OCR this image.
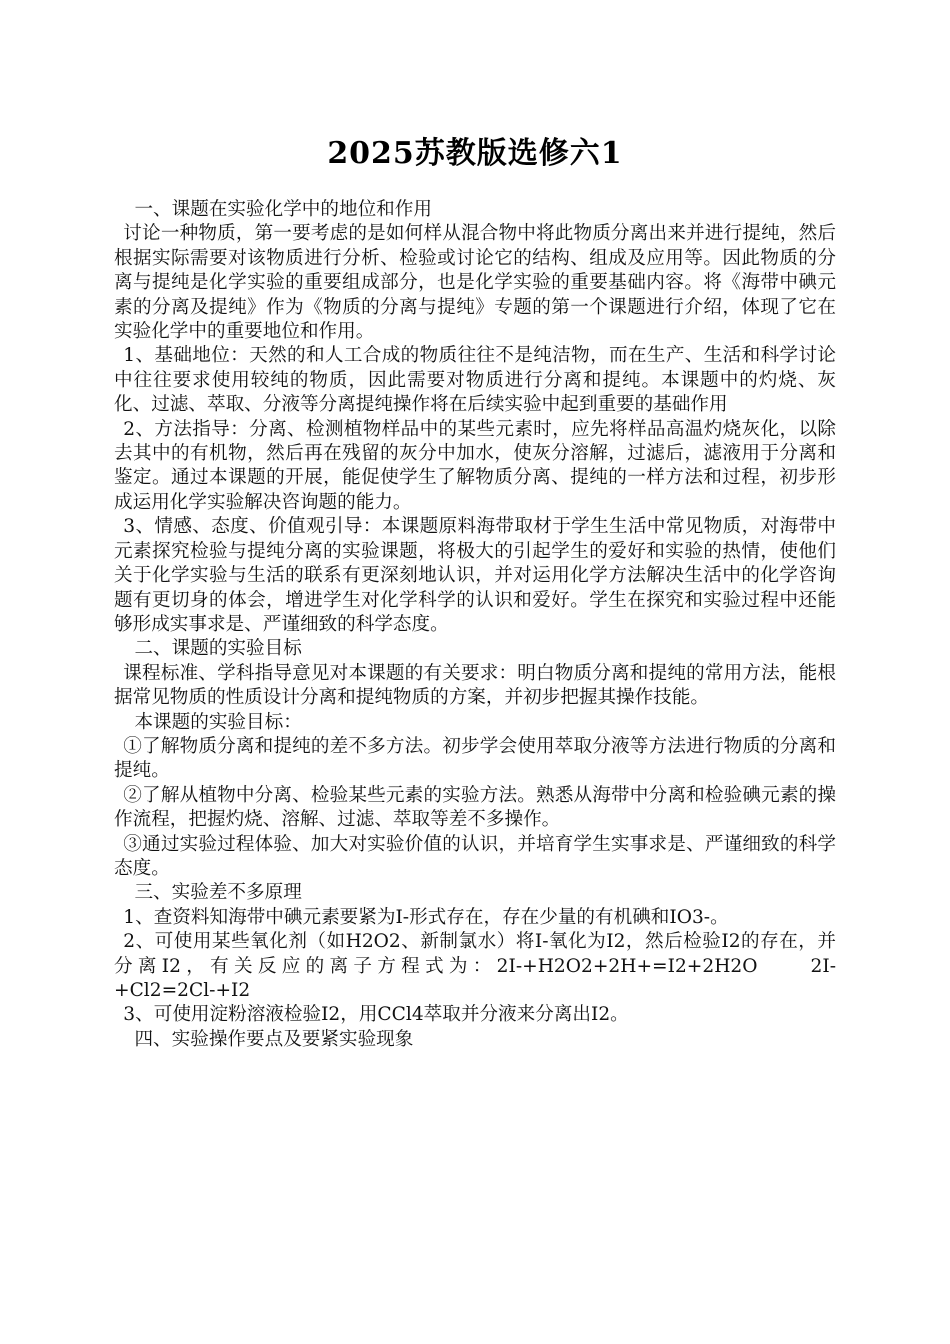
2025苏教版选修六1

一、课题在实验化学中的地位和作用

讨论一种物质，第一要考虑的是如何样从混合物中将此物质分离出来并进行提纯，然后根据实际需要对该物质进行分析、检验或讨论它的结构、组成及应用等。因此物质的分离与提纯是化学实验的重要组成部分，也是化学实验的重要基础内容。将《海带中碘元素的分离及提纯》作为《物质的分离与提纯》专题的第一个课题进行介绍，体现了它在实验化学中的重要地位和作用。

1、基础地位：天然的和人工合成的物质往往不是纯洁物，而在生产、生活和科学讨论中往往要求使用较纯的物质，因此需要对物质进行分离和提纯。本课题中的灼烧、灰化、过滤、萃取、分液等分离提纯操作将在后续实验中起到重要的基础作用

2、方法指导：分离、检测植物样品中的某些元素时，应先将样品高温灼烧灰化，以除去其中的有机物，然后再在残留的灰分中加水，使灰分溶解，过滤后，滤液用于分离和鉴定。通过本课题的开展，能促使学生了解物质分离、提纯的一样方法和过程，初步形成运用化学实验解决咨询题的能力。

3、情感、态度、价值观引导：本课题原料海带取材于学生生活中常见物质，对海带中元素探究检验与提纯分离的实验课题，将极大的引起学生的爱好和实验的热情，使他们关于化学实验与生活的联系有更深刻地认识，并对运用化学方法解决生活中的化学咨询题有更切身的体会，增进学生对化学科学的认识和爱好。学生在探究和实验过程中还能够形成实事求是、严谨细致的科学态度。

二、课题的实验目标

课程标准、学科指导意见对本课题的有关要求：明白物质分离和提纯的常用方法，能根据常见物质的性质设计分离和提纯物质的方案，并初步把握其操作技能。

本课题的实验目标：

①了解物质分离和提纯的差不多方法。初步学会使用萃取分液等方法进行物质的分离和提纯。

②了解从植物中分离、检验某些元素的实验方法。熟悉从海带中分离和检验碘元素的操作流程，把握灼烧、溶解、过滤、萃取等差不多操作。

③通过实验过程体验、加大对实验价值的认识，并培育学生实事求是、严谨细致的科学态度。

三、实验差不多原理

1、查资料知海带中碘元素要紧为I-形式存在，存在少量的有机碘和IO3-。

2、可使用某些氧化剂（如H2O2、新制氯水）将I-氧化为I2，然后检验I2的存在，并分离I2，有关反应的离子方程式为：2I-+H2O2+2H+=I2+2H2O　　2I-+Cl2=2Cl-+I2

3、可使用淀粉溶液检验I2，用CCl4萃取并分液来分离出I2。

四、实验操作要点及要紧实验现象
